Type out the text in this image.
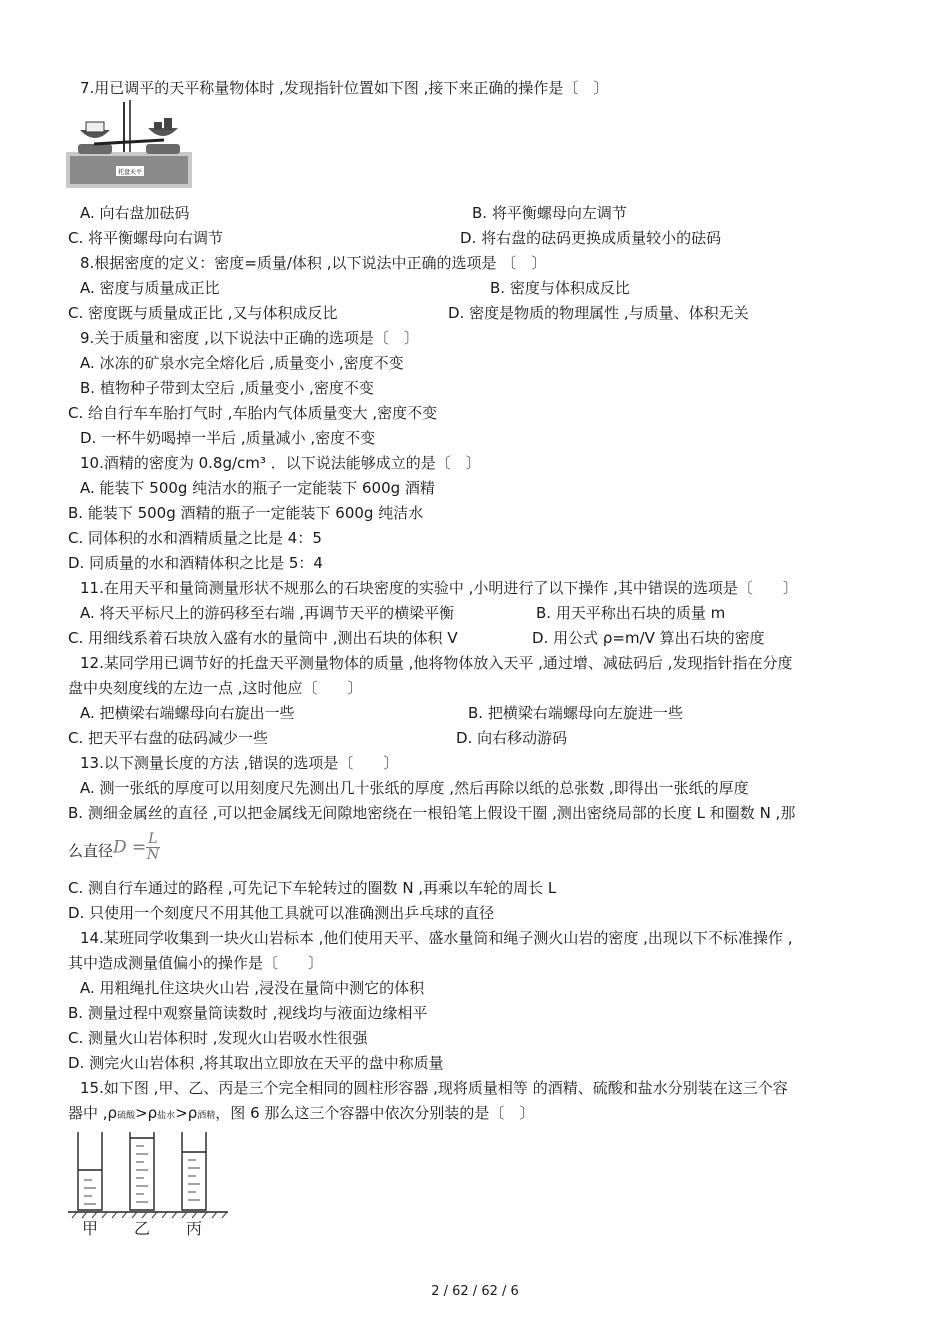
7.用已调平的天平称量物体时 ,发现指针位置如下图 ,接下来正确的操作是〔　〕
托盘天平
A. 向右盘加砝码	B. 将平衡螺母向左调节
C. 将平衡螺母向右调节	D. 将右盘的砝码更换成质量较小的砝码
8.根据密度的定义：密度=质量/体积 ,以下说法中正确的选项是 〔　〕
A. 密度与质量成正比	B. 密度与体积成反比
C. 密度既与质量成正比 ,又与体积成反比	D. 密度是物质的物理属性 ,与质量、体积无关
9.关于质量和密度 ,以下说法中正确的选项是〔　〕
A. 冰冻的矿泉水完全熔化后 ,质量变小 ,密度不变
B. 植物种子带到太空后 ,质量变小 ,密度不变
C. 给自行车车胎打气时 ,车胎内气体质量变大 ,密度不变
D. 一杯牛奶喝掉一半后 ,质量减小 ,密度不变
10.酒精的密度为 0.8g/cm³ ．以下说法能够成立的是〔　〕
A. 能装下 500g 纯洁水的瓶子一定能装下 600g 酒精
B. 能装下 500g 酒精的瓶子一定能装下 600g 纯洁水
C. 同体积的水和酒精质量之比是 4：5
D. 同质量的水和酒精体积之比是 5：4
11.在用天平和量筒测量形状不规那么的石块密度的实验中 ,小明进行了以下操作 ,其中错误的选项是〔　　〕
A. 将天平标尺上的游码移至右端 ,再调节天平的横梁平衡	B. 用天平称出石块的质量 m
C. 用细线系着石块放入盛有水的量筒中 ,测出石块的体积 V	D. 用公式 ρ=m/V 算出石块的密度
12.某同学用已调节好的托盘天平测量物体的质量 ,他将物体放入天平 ,通过增、减砝码后 ,发现指针指在分度
盘中央刻度线的左边一点 ,这时他应〔　　〕
A. 把横梁右端螺母向右旋出一些	B. 把横梁右端螺母向左旋进一些
C. 把天平右盘的砝码减少一些	D. 向右移动游码
13.以下测量长度的方法 ,错误的选项是〔　　〕
A. 测一张纸的厚度可以用刻度尺先测出几十张纸的厚度 ,然后再除以纸的总张数 ,即得出一张纸的厚度
B. 测细金属丝的直径 ,可以把金属线无间隙地密绕在一根铅笔上假设干圈 ,测出密绕局部的长度 L 和圈数 N ,那
么直径$D = \frac{L}{N}$
C. 测自行车通过的路程 ,可先记下车轮转过的圈数 N ,再乘以车轮的周长 L
D. 只使用一个刻度尺不用其他工具就可以准确测出乒乓球的直径
14.某班同学收集到一块火山岩标本 ,他们使用天平、盛水量筒和绳子测火山岩的密度 ,出现以下不标准操作 ,
其中造成测量值偏小的操作是〔　　〕
A. 用粗绳扎住这块火山岩 ,浸没在量筒中测它的体积
B. 测量过程中观察量筒读数时 ,视线均与液面边缘相平
C. 测量火山岩体积时 ,发现火山岩吸水性很强
D. 测完火山岩体积 ,将其取出立即放在天平的盘中称质量
15.如下图 ,甲、乙、丙是三个完全相同的圆柱形容器 ,现将质量相等 的酒精、硫酸和盐水分别装在这三个容
器中 ,ρ硫酸>ρ盐水>ρ酒精，图 6 那么这三个容器中依次分别装的是〔　〕
甲 乙 丙
2 / 62 / 62 / 6
